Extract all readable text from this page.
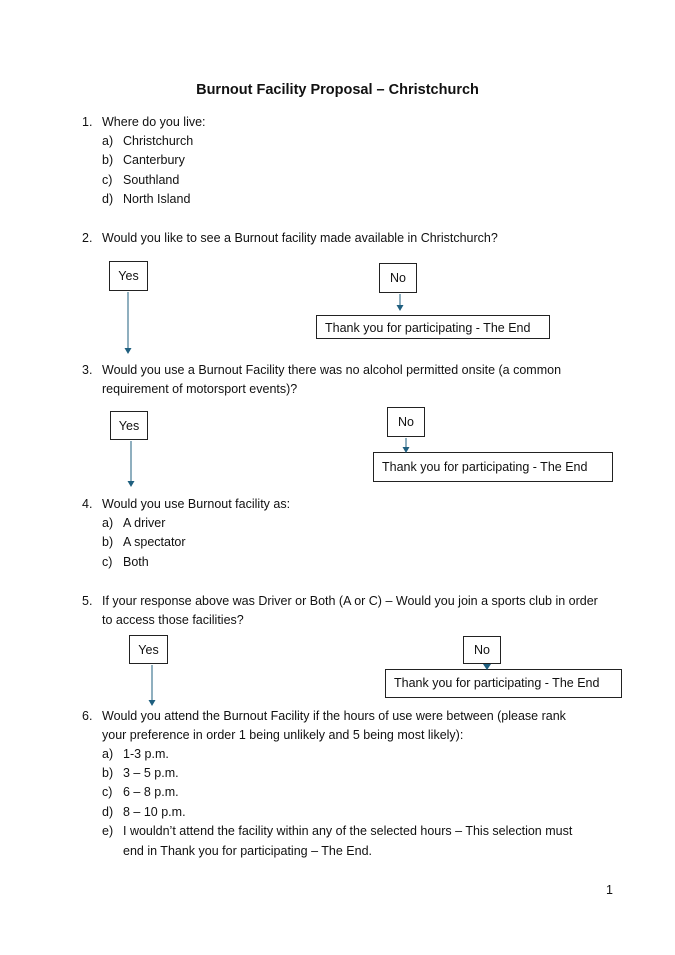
Burnout Facility Proposal – Christchurch
1. Where do you live:
a) Christchurch
b) Canterbury
c) Southland
d) North Island
2. Would you like to see a Burnout facility made available in Christchurch?
Yes	No
Thank you for participating - The End
3. Would you use a Burnout Facility there was no alcohol permitted onsite (a common
requirement of motorsport events)?
Yes	No
Thank you for participating - The End
4. Would you use Burnout facility as:
a) A driver
b) A spectator
c) Both
5. If your response above was Driver or Both (A or C) – Would you join a sports club in order
to access those facilities?
Yes	No
Thank you for participating - The End
6. Would you attend the Burnout Facility if the hours of use were between (please rank
your preference in order 1 being unlikely and 5 being most likely):
a) 1-3 p.m.
b) 3 – 5 p.m.
c) 6 – 8 p.m.
d) 8 – 10 p.m.
e) I wouldn’t attend the facility within any of the selected hours – This selection must
end in Thank you for participating – The End.
1
